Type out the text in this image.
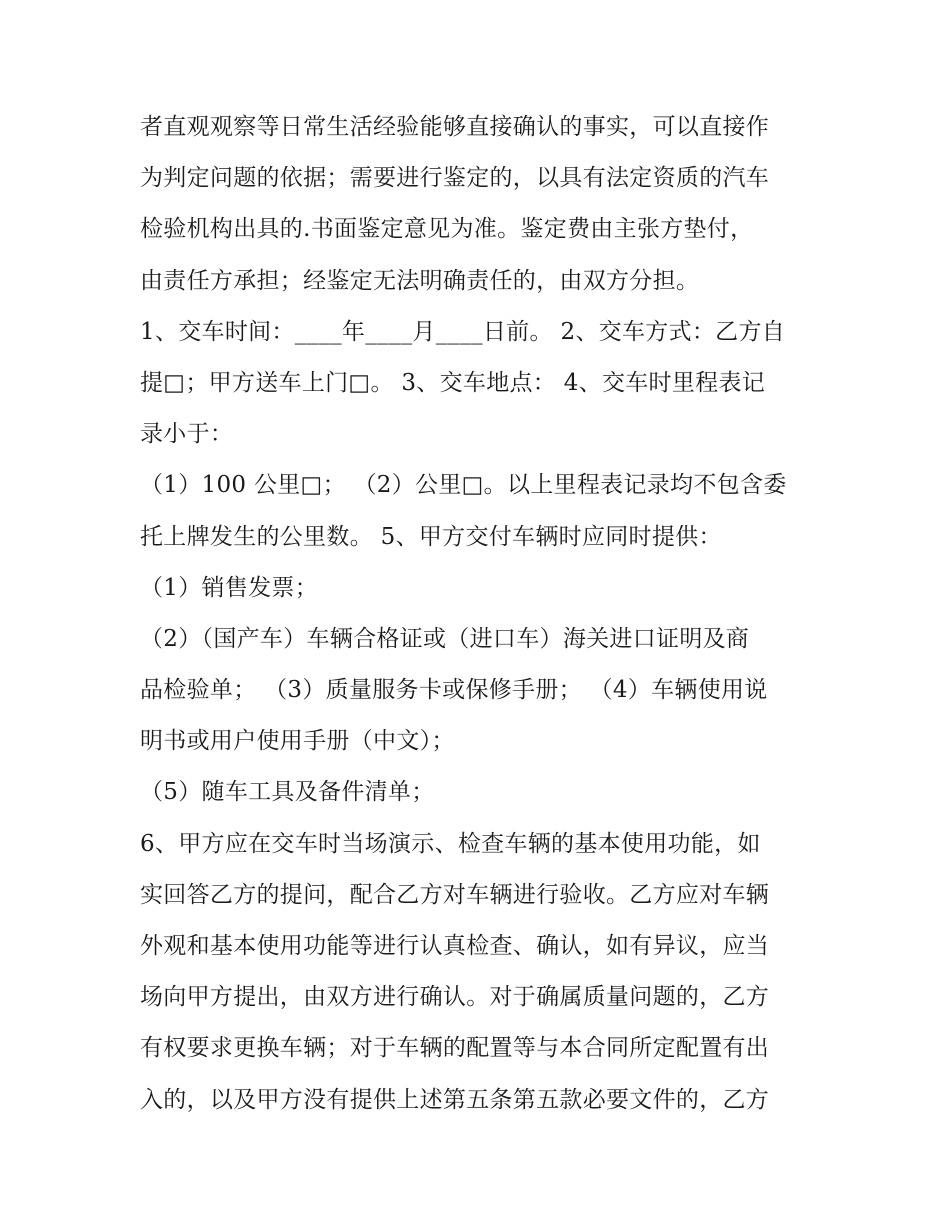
者直观观察等日常生活经验能够直接确认的事实，可以直接作
为判定问题的依据；需要进行鉴定的，以具有法定资质的汽车
检验机构出具的.书面鉴定意见为准。鉴定费由主张方垫付，
由责任方承担；经鉴定无法明确责任的，由双方分担。
1、交车时间：____年____月____日前。 2、交车方式：乙方自
提□；甲方送车上门□。 3、交车地点： 4、交车时里程表记
录小于：
（1）100 公里□； （2）公里□。以上里程表记录均不包含委
托上牌发生的公里数。 5、甲方交付车辆时应同时提供：
（1）销售发票；
（2）（国产车）车辆合格证或（进口车）海关进口证明及商
品检验单； （3）质量服务卡或保修手册； （4）车辆使用说
明书或用户使用手册（中文）；
（5）随车工具及备件清单；
6、甲方应在交车时当场演示、检查车辆的基本使用功能，如
实回答乙方的提问，配合乙方对车辆进行验收。乙方应对车辆
外观和基本使用功能等进行认真检查、确认，如有异议，应当
场向甲方提出，由双方进行确认。对于确属质量问题的，乙方
有权要求更换车辆；对于车辆的配置等与本合同所定配置有出
入的，以及甲方没有提供上述第五条第五款必要文件的，乙方
